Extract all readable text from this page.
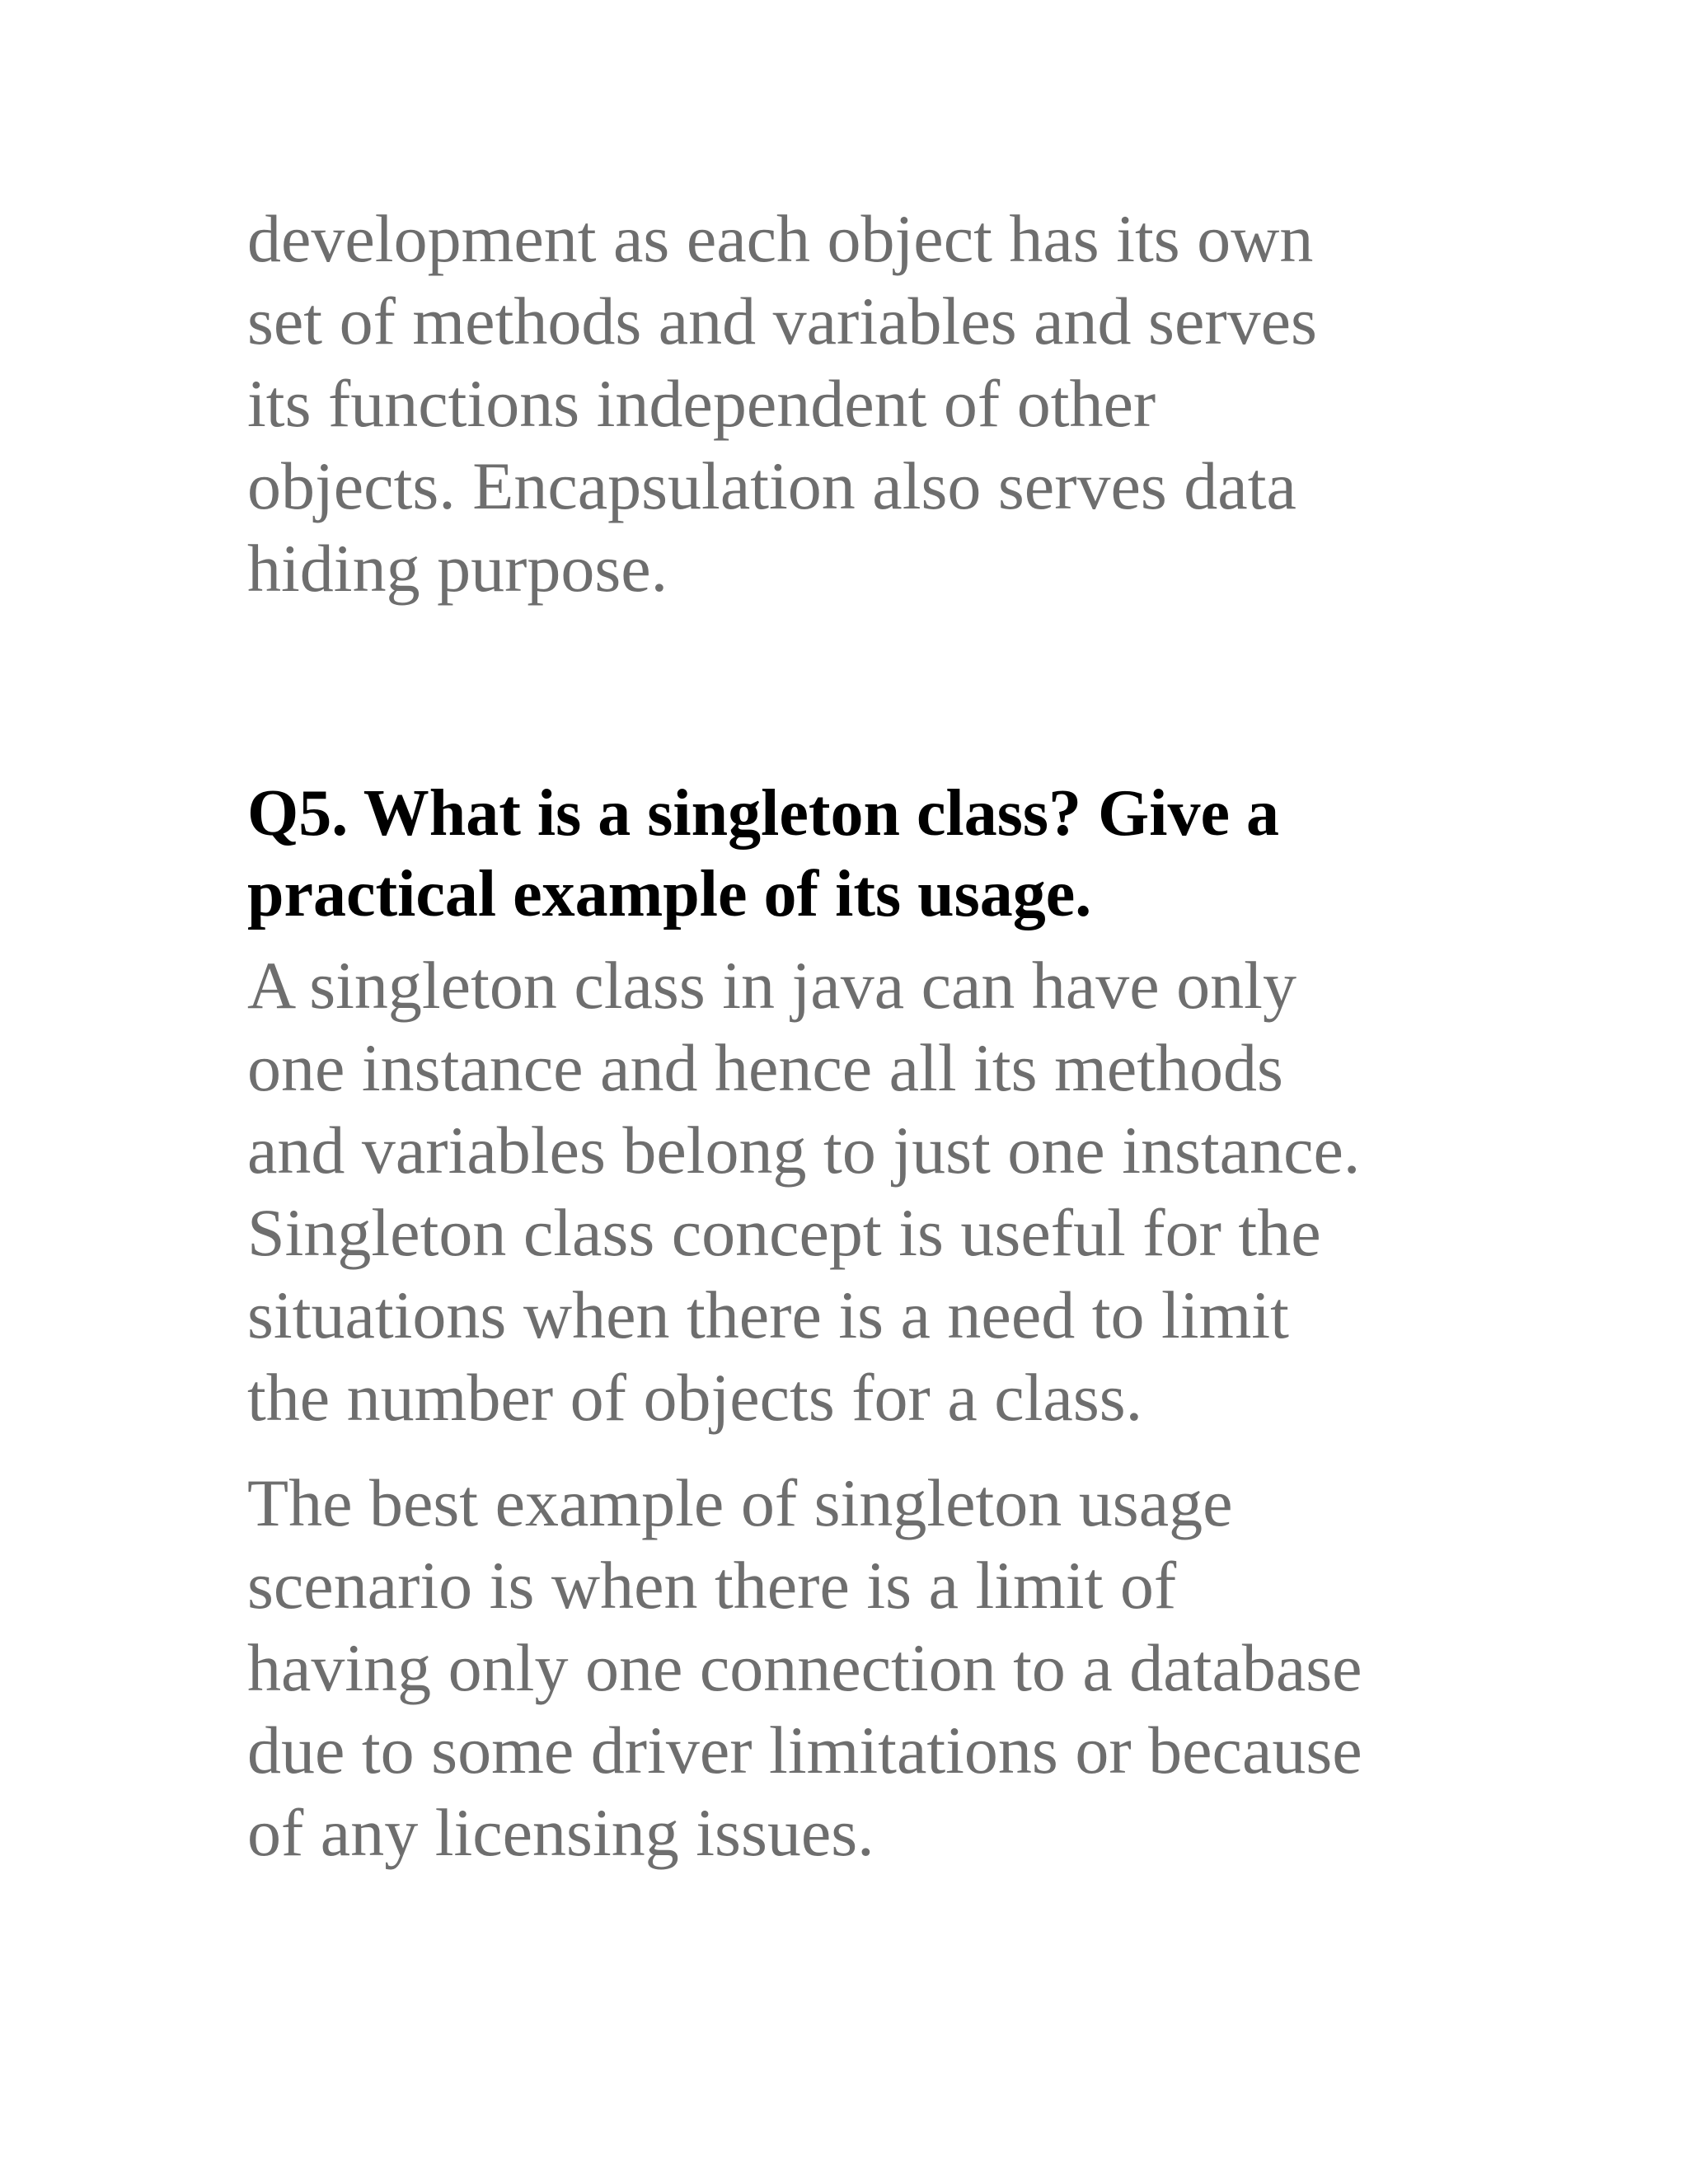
development as each object has its own
set of methods and variables and serves
its functions independent of other
objects. Encapsulation also serves data
hiding purpose.

Q5. What is a singleton class? Give a
practical example of its usage.

A singleton class in java can have only
one instance and hence all its methods
and variables belong to just one instance.
Singleton class concept is useful for the
situations when there is a need to limit
the number of objects for a class.

The best example of singleton usage
scenario is when there is a limit of
having only one connection to a database
due to some driver limitations or because
of any licensing issues.
